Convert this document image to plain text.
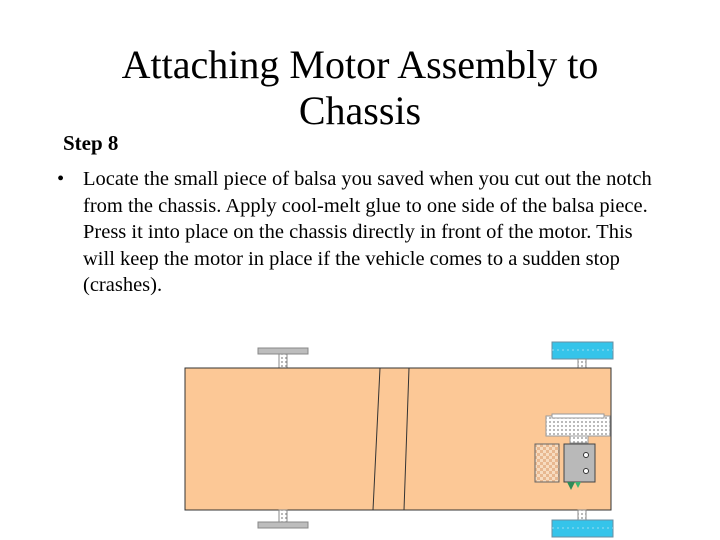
Attaching Motor Assembly to Chassis
Step 8
• Locate the small piece of balsa you saved when you cut out the notch from the chassis. Apply cool-melt glue to one side of the balsa piece. Press it into place on the chassis directly in front of the motor. This will keep the motor in place if the vehicle comes to a sudden stop (crashes).
